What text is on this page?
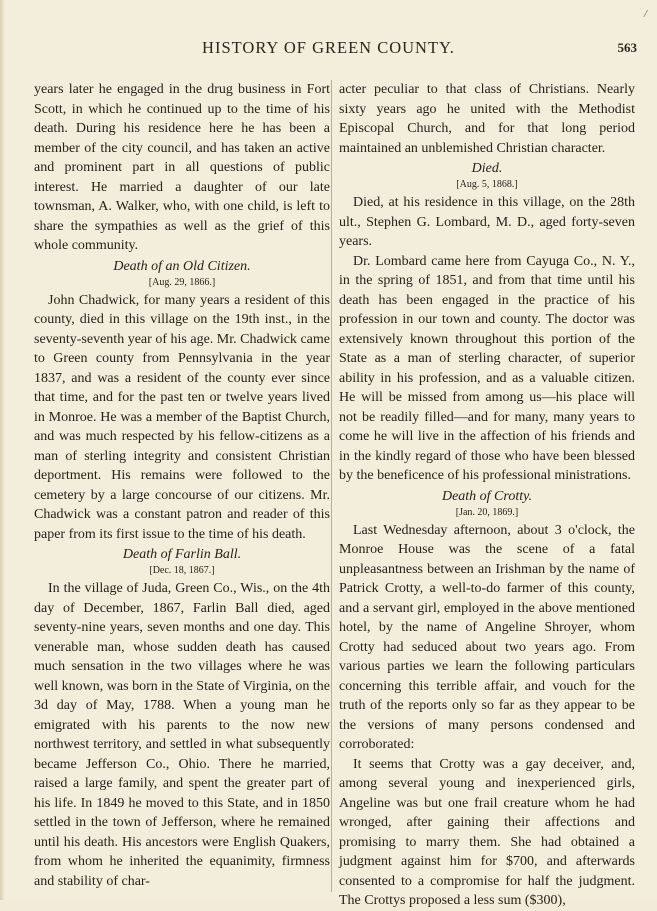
/
HISTORY OF GREEN COUNTY.	563

years later he engaged in the drug business in Fort Scott, in which he continued up to the time of his death. During his residence here he has been a member of the city council, and has taken an active and prominent part in all questions of public interest. He married a daughter of our late townsman, A. Walker, who, with one child, is left to share the sympathies as well as the grief of this whole community.

Death of an Old Citizen.
[Aug. 29, 1866.]

John Chadwick, for many years a resident of this county, died in this village on the 19th inst., in the seventy-seventh year of his age. Mr. Chadwick came to Green county from Pennsylvania in the year 1837, and was a resident of the county ever since that time, and for the past ten or twelve years lived in Monroe. He was a member of the Baptist Church, and was much respected by his fellow-citizens as a man of sterling integrity and consistent Christian deportment. His remains were followed to the cemetery by a large concourse of our citizens. Mr. Chadwick was a constant patron and reader of this paper from its first issue to the time of his death.

Death of Farlin Ball.
[Dec. 18, 1867.]

In the village of Juda, Green Co., Wis., on the 4th day of December, 1867, Farlin Ball died, aged seventy-nine years, seven months and one day. This venerable man, whose sudden death has caused much sensation in the two villages where he was well known, was born in the State of Virginia, on the 3d day of May, 1788. When a young man he emigrated with his parents to the now new northwest territory, and settled in what subsequently became Jefferson Co., Ohio. There he married, raised a large family, and spent the greater part of his life. In 1849 he moved to this State, and in 1850 settled in the town of Jefferson, where he remained until his death. His ancestors were English Quakers, from whom he inherited the equanimity, firmness and stability of char-

acter peculiar to that class of Christians. Nearly sixty years ago he united with the Methodist Episcopal Church, and for that long period maintained an unblemished Christian character.

Died.
[Aug. 5, 1868.]

Died, at his residence in this village, on the 28th ult., Stephen G. Lombard, M. D., aged forty-seven years.

Dr. Lombard came here from Cayuga Co., N. Y., in the spring of 1851, and from that time until his death has been engaged in the practice of his profession in our town and county. The doctor was extensively known throughout this portion of the State as a man of sterling character, of superior ability in his profession, and as a valuable citizen. He will be missed from among us—his place will not be readily filled—and for many, many years to come he will live in the affection of his friends and in the kindly regard of those who have been blessed by the beneficence of his professional ministrations.

Death of Crotty.
[Jan. 20, 1869.]

Last Wednesday afternoon, about 3 o'clock, the Monroe House was the scene of a fatal unpleasantness between an Irishman by the name of Patrick Crotty, a well-to-do farmer of this county, and a servant girl, employed in the above mentioned hotel, by the name of Angeline Shroyer, whom Crotty had seduced about two years ago. From various parties we learn the following particulars concerning this terrible affair, and vouch for the truth of the reports only so far as they appear to be the versions of many persons condensed and corroborated:

It seems that Crotty was a gay deceiver, and, among several young and inexperienced girls, Angeline was but one frail creature whom he had wronged, after gaining their affections and promising to marry them. She had obtained a judgment against him for $700, and afterwards consented to a compromise for half the judgment. The Crottys proposed a less sum ($300),
